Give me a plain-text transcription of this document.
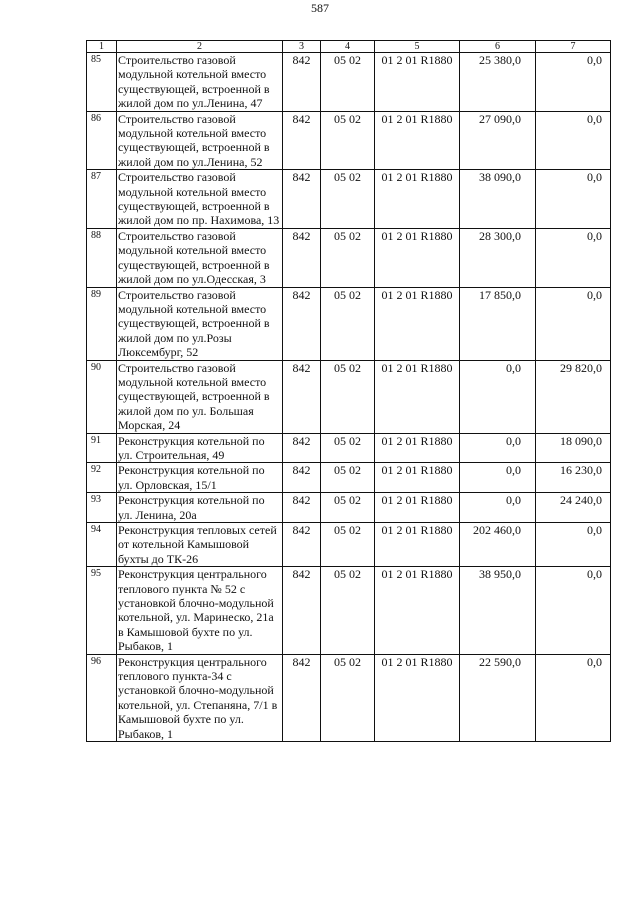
587
1	2	3	4	5	6	7
85	Строительство газовой модульной котельной вместо существующей, встроенной в жилой дом по ул.Ленина, 47	842	05 02	01 2 01 R1880	25 380,0	0,0
86	Строительство газовой модульной котельной вместо существующей, встроенной в жилой дом по ул.Ленина, 52	842	05 02	01 2 01 R1880	27 090,0	0,0
87	Строительство газовой модульной котельной вместо существующей, встроенной в жилой дом по пр. Нахимова, 13	842	05 02	01 2 01 R1880	38 090,0	0,0
88	Строительство газовой модульной котельной вместо существующей, встроенной в жилой дом по ул.Одесская, 3	842	05 02	01 2 01 R1880	28 300,0	0,0
89	Строительство газовой модульной котельной вместо существующей, встроенной в жилой дом по ул.Розы Люксембург, 52	842	05 02	01 2 01 R1880	17 850,0	0,0
90	Строительство газовой модульной котельной вместо существующей, встроенной в жилой дом по ул. Большая Морская, 24	842	05 02	01 2 01 R1880	0,0	29 820,0
91	Реконструкция котельной по ул. Строительная, 49	842	05 02	01 2 01 R1880	0,0	18 090,0
92	Реконструкция котельной по ул. Орловская, 15/1	842	05 02	01 2 01 R1880	0,0	16 230,0
93	Реконструкция котельной по ул. Ленина, 20а	842	05 02	01 2 01 R1880	0,0	24 240,0
94	Реконструкция тепловых сетей от котельной Камышовой бухты до ТК-26	842	05 02	01 2 01 R1880	202 460,0	0,0
95	Реконструкция центрального теплового пункта № 52 с установкой блочно-модульной котельной, ул. Маринеско, 21а в Камышовой бухте по ул. Рыбаков, 1	842	05 02	01 2 01 R1880	38 950,0	0,0
96	Реконструкция центрального теплового пункта-34 с установкой блочно-модульной котельной, ул. Степаняна, 7/1 в Камышовой бухте по ул. Рыбаков, 1	842	05 02	01 2 01 R1880	22 590,0	0,0
